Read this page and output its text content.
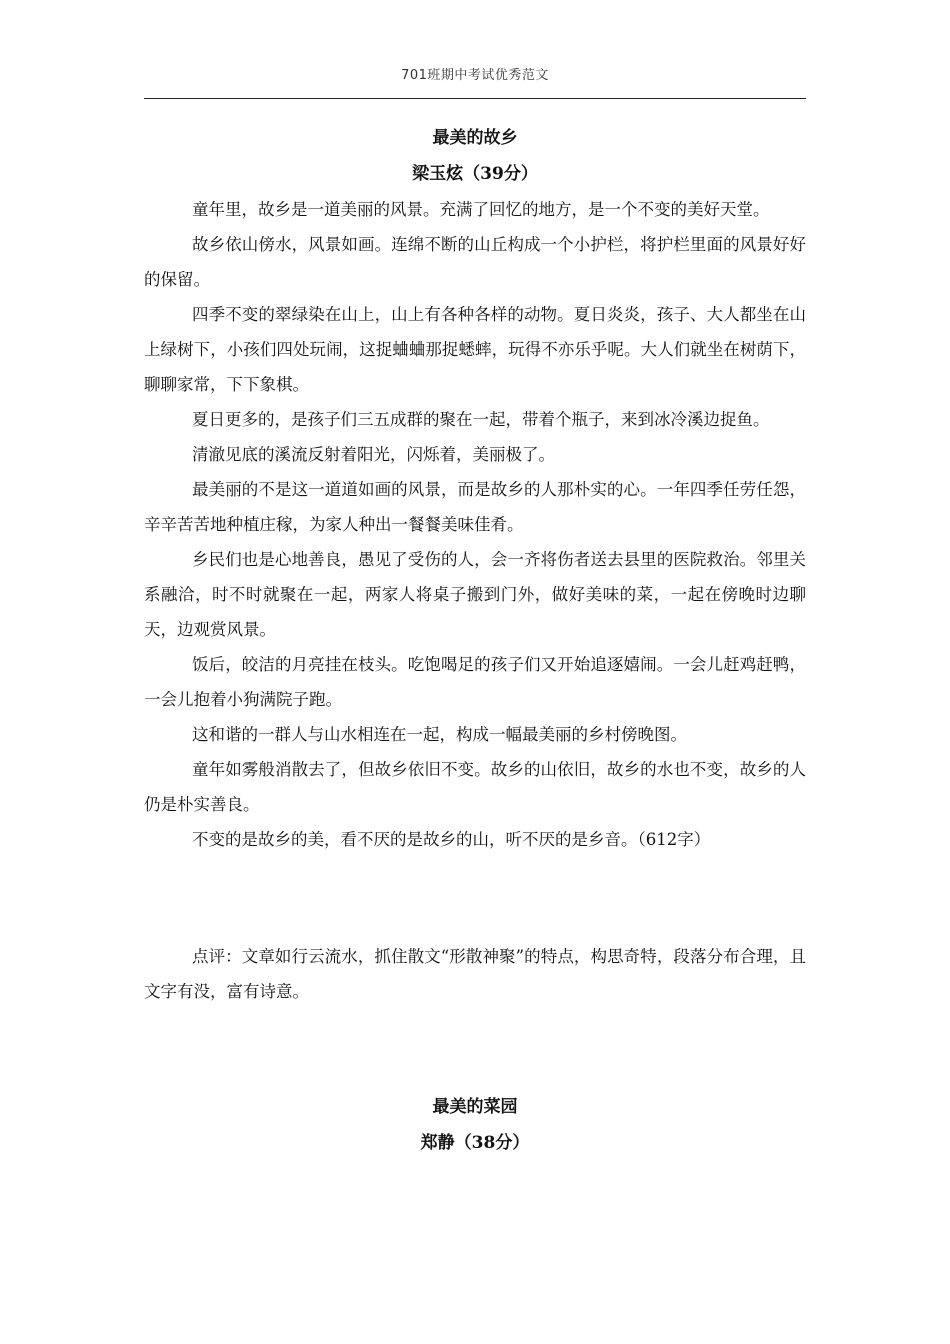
701班期中考试优秀范文
最美的故乡
梁玉炫（39分）

童年里，故乡是一道美丽的风景。充满了回忆的地方，是一个不变的美好天堂。

故乡依山傍水，风景如画。连绵不断的山丘构成一个小护栏，将护栏里面的风景好好的保留。

四季不变的翠绿染在山上，山上有各种各样的动物。夏日炎炎，孩子、大人都坐在山上绿树下，小孩们四处玩闹，这捉蛐蛐那捉蟋蟀，玩得不亦乐乎呢。大人们就坐在树荫下，聊聊家常，下下象棋。

夏日更多的，是孩子们三五成群的聚在一起，带着个瓶子，来到冰冷溪边捉鱼。

清澈见底的溪流反射着阳光，闪烁着，美丽极了。

最美丽的不是这一道道如画的风景，而是故乡的人那朴实的心。一年四季任劳任怨，辛辛苦苦地种植庄稼，为家人种出一餐餐美味佳肴。

乡民们也是心地善良，愚见了受伤的人，会一齐将伤者送去县里的医院救治。邻里关系融洽，时不时就聚在一起，两家人将桌子搬到门外，做好美味的菜，一起在傍晚时边聊天，边观赏风景。

饭后，皎洁的月亮挂在枝头。吃饱喝足的孩子们又开始追逐嬉闹。一会儿赶鸡赶鸭，一会儿抱着小狗满院子跑。

这和谐的一群人与山水相连在一起，构成一幅最美丽的乡村傍晚图。

童年如雾般消散去了，但故乡依旧不变。故乡的山依旧，故乡的水也不变，故乡的人仍是朴实善良。

不变的是故乡的美，看不厌的是故乡的山，听不厌的是乡音。（612字）

点评：文章如行云流水，抓住散文“形散神聚”的特点，构思奇特，段落分布合理，且文字有没，富有诗意。

最美的菜园
郑静（38分）
